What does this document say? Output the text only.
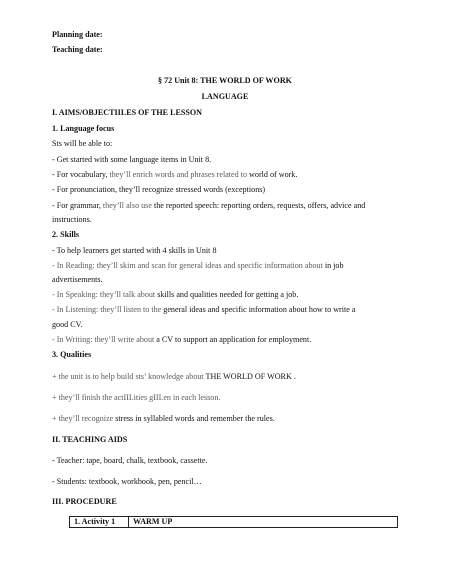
Planning date:
Teaching date:
§ 72 Unit 8: THE WORLD OF WORK
LANGUAGE
I. AIMS/OBJECTIILES OF THE LESSON
1. Language focus
Sts will be able to:
- Get started with some language items in Unit 8.
- For vocabulary, they’ll enrich words and phrases related to world of work.
- For pronunciation, they’ll recognize stressed words (exceptions)
- For grammar, they’ll also use the reported speech: reporting orders, requests, offers, advice and
instructions.
2. Skills
- To help learners get started with 4 skills in Unit 8
- In Reading: they’ll skim and scan for general ideas and specific information about in job
advertisements.
- In Speaking: they’ll talk about skills and qualities needed for getting a job.
- In Listening: they’ll listen to the general ideas and specific information about how to write a
good CV.
- In Writing: they’ll write about a CV to support an application for employment.
3. Qualities
+ the unit is to help build sts’ knowledge about THE WORLD OF WORK .
+ they’ll finish the actIII.ities gIII.en in each lesson.
+ they’ll recognize stress in syllabled words and remember the rules.
II. TEACHING AIDS
- Teacher: tape, board, chalk, textbook, cassette.
- Students: textbook, workbook, pen, pencil…
III. PROCEDURE
1. Activity 1	WARM UP
